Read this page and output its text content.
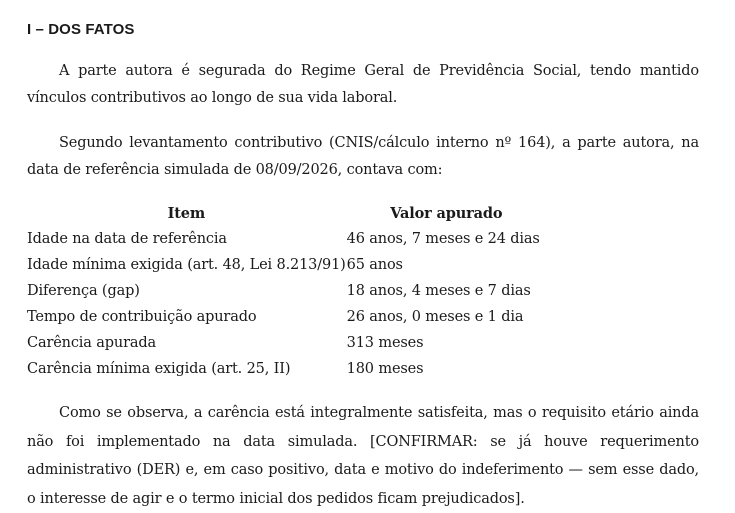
I – DOS FATOS

A parte autora é segurada do Regime Geral de Previdência Social, tendo mantido vínculos contributivos ao longo de sua vida laboral.

Segundo levantamento contributivo (CNIS/cálculo interno nº 164), a parte autora, na data de referência simulada de 08/09/2026, contava com:

Item	Valor apurado
Idade na data de referência	46 anos, 7 meses e 24 dias
Idade mínima exigida (art. 48, Lei 8.213/91)	65 anos
Diferença (gap)	18 anos, 4 meses e 7 dias
Tempo de contribuição apurado	26 anos, 0 meses e 1 dia
Carência apurada	313 meses
Carência mínima exigida (art. 25, II)	180 meses

Como se observa, a carência está integralmente satisfeita, mas o requisito etário ainda não foi implementado na data simulada. [CONFIRMAR: se já houve requerimento administrativo (DER) e, em caso positivo, data e motivo do indeferimento — sem esse dado, o interesse de agir e o termo inicial dos pedidos ficam prejudicados].
